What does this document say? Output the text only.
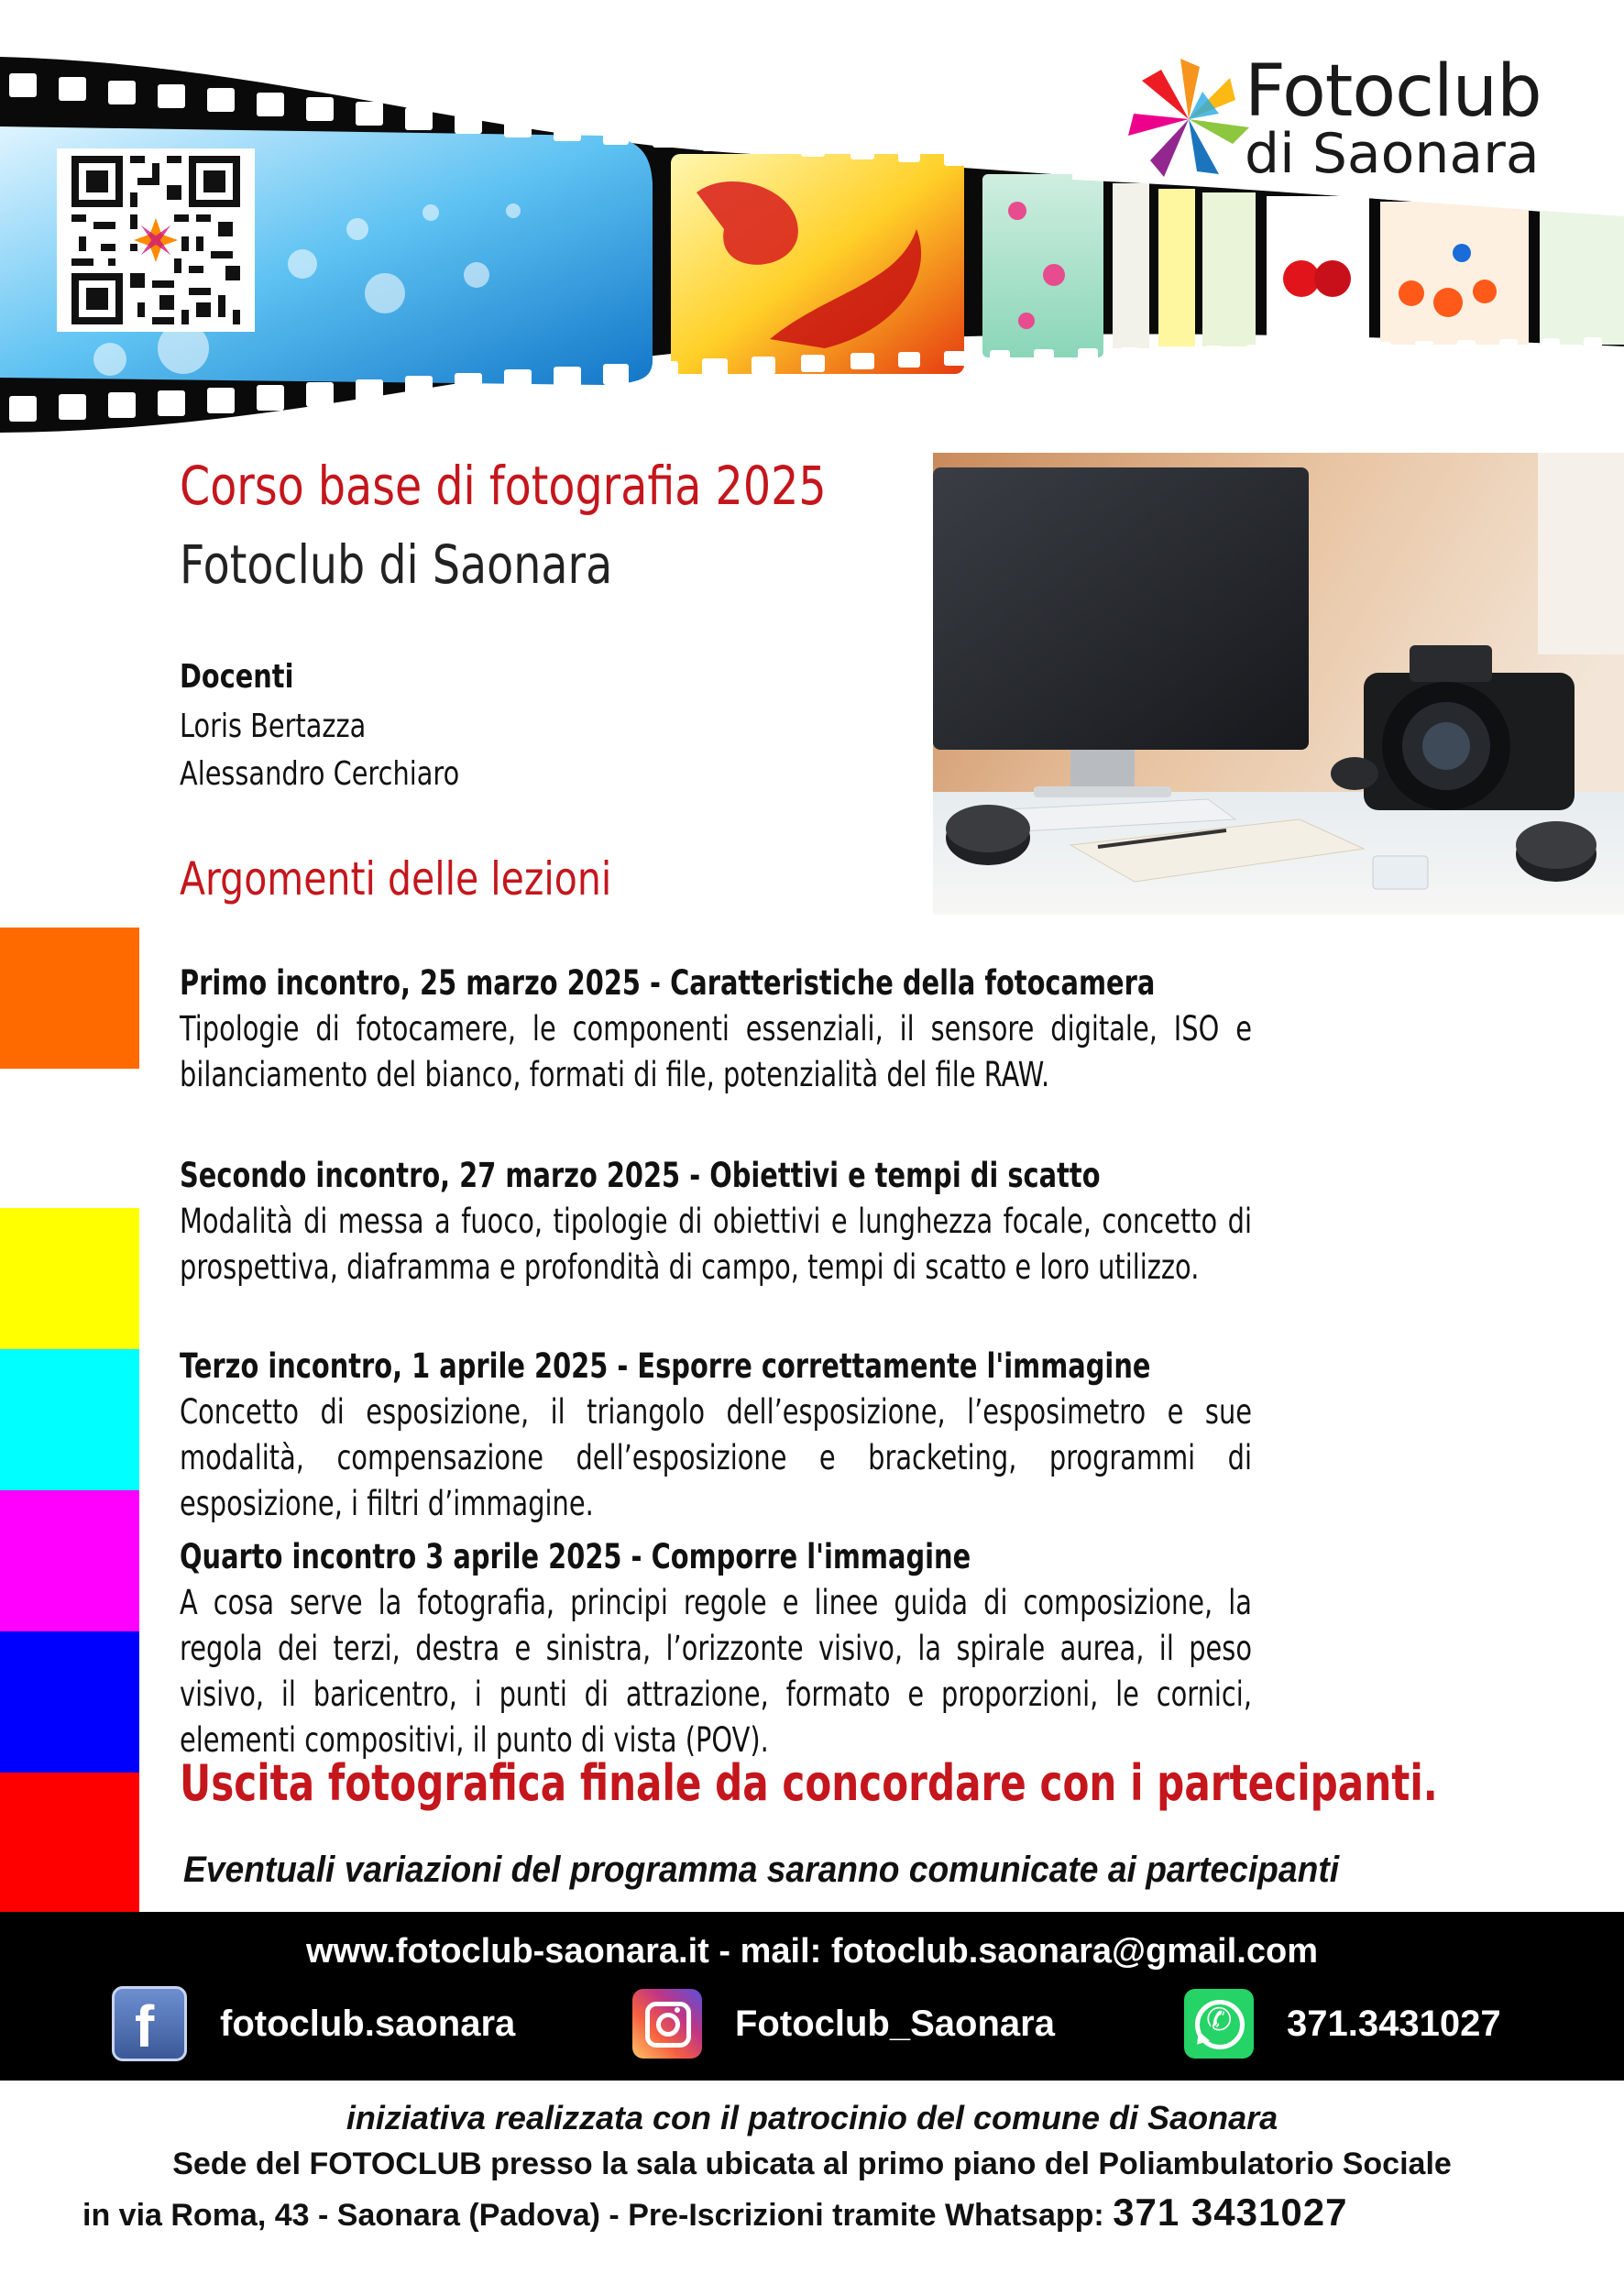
Fotoclub
di Saonara
Corso base di fotografia 2025
Fotoclub di Saonara
Docenti
Loris Bertazza
Alessandro Cerchiaro
Argomenti delle lezioni
Primo incontro, 25 marzo 2025 - Caratteristiche della fotocamera

Tipologie di fotocamere, le componenti essenziali, il sensore digitale, ISO e bilanciamento del bianco, formati di file, potenzialità del file RAW.

Secondo incontro, 27 marzo 2025 - Obiettivi e tempi di scatto

Modalità di messa a fuoco, tipologie di obiettivi e lunghezza focale, concetto di prospettiva, diaframma e profondità di campo, tempi di scatto e loro utilizzo.

Terzo incontro, 1 aprile 2025 - Esporre correttamente l'immagine

Concetto di esposizione, il triangolo dell’esposizione, l’esposimetro e sue modalità, compensazione dell’esposizione e bracketing, programmi di esposizione, i filtri d’immagine.

Quarto incontro 3 aprile 2025 - Comporre l'immagine

A cosa serve la fotografia, principi regole e linee guida di composizione, la regola dei terzi, destra e sinistra, l’orizzonte visivo, la spirale aurea, il peso visivo, il baricentro, i punti di attrazione, formato e proporzioni, le cornici, elementi compositivi, il punto di vista (POV).

Uscita fotografica finale da concordare con i partecipanti.
Eventuali variazioni del programma saranno comunicate ai partecipanti
www.fotoclub-saonara.it - mail: fotoclub.saonara@gmail.com
f fotoclub.saonara	Fotoclub_Saonara	✆ 371.3431027
iniziativa realizzata con il patrocinio del comune di Saonara
Sede del FOTOCLUB presso la sala ubicata al primo piano del Poliambulatorio Sociale
in via Roma, 43 - Saonara (Padova) - Pre-Iscrizioni tramite Whatsapp: 371 3431027
